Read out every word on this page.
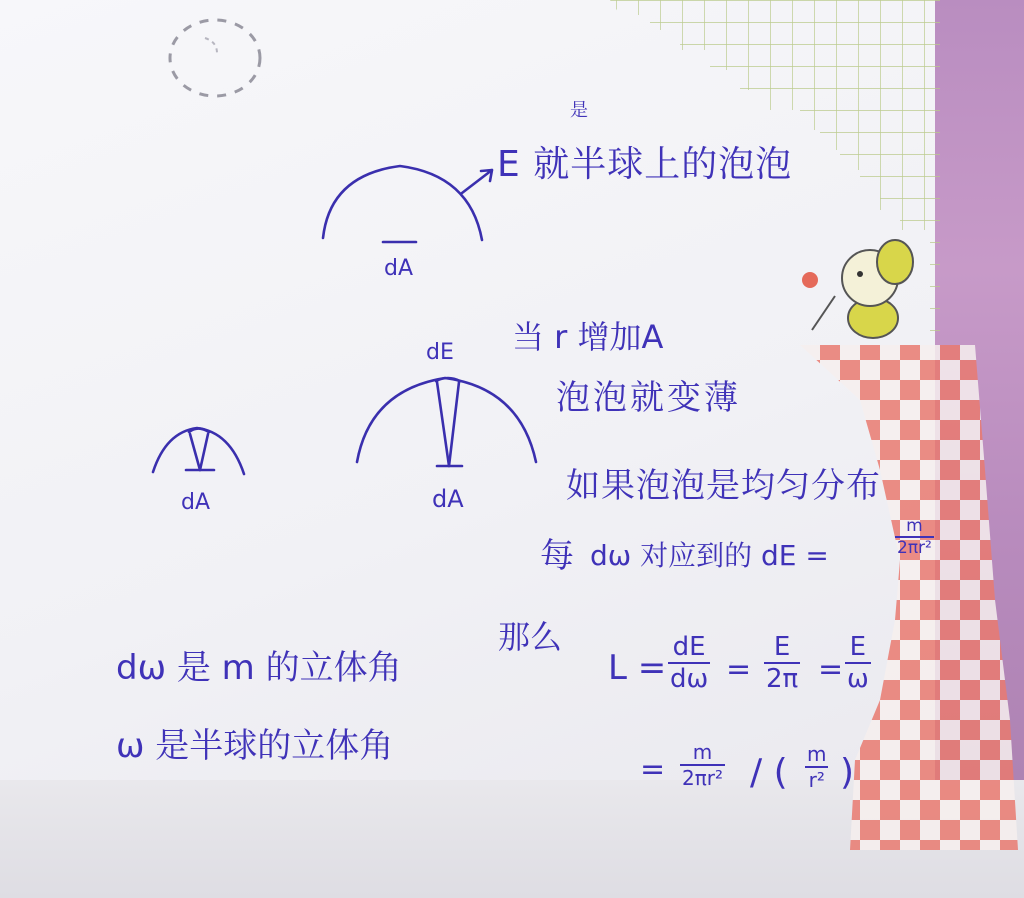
是
E 就半球上的泡泡
dA
dE
dA
dA
当 r 增加A
泡泡就变薄
如果泡泡是均匀分布
每 dω 对应到的 dE =	$\frac{m}{\text{2πr²}}$
那么
$L = \frac{dE}{d\omega} = \frac{E}{2\pi} = \frac{E}{\omega}$
= $\frac{m}{\text{2πr²}}$ / ( $\frac{m}{\text{r²}}$ )
dω 是 m 的立体角
ω 是半球的立体角
